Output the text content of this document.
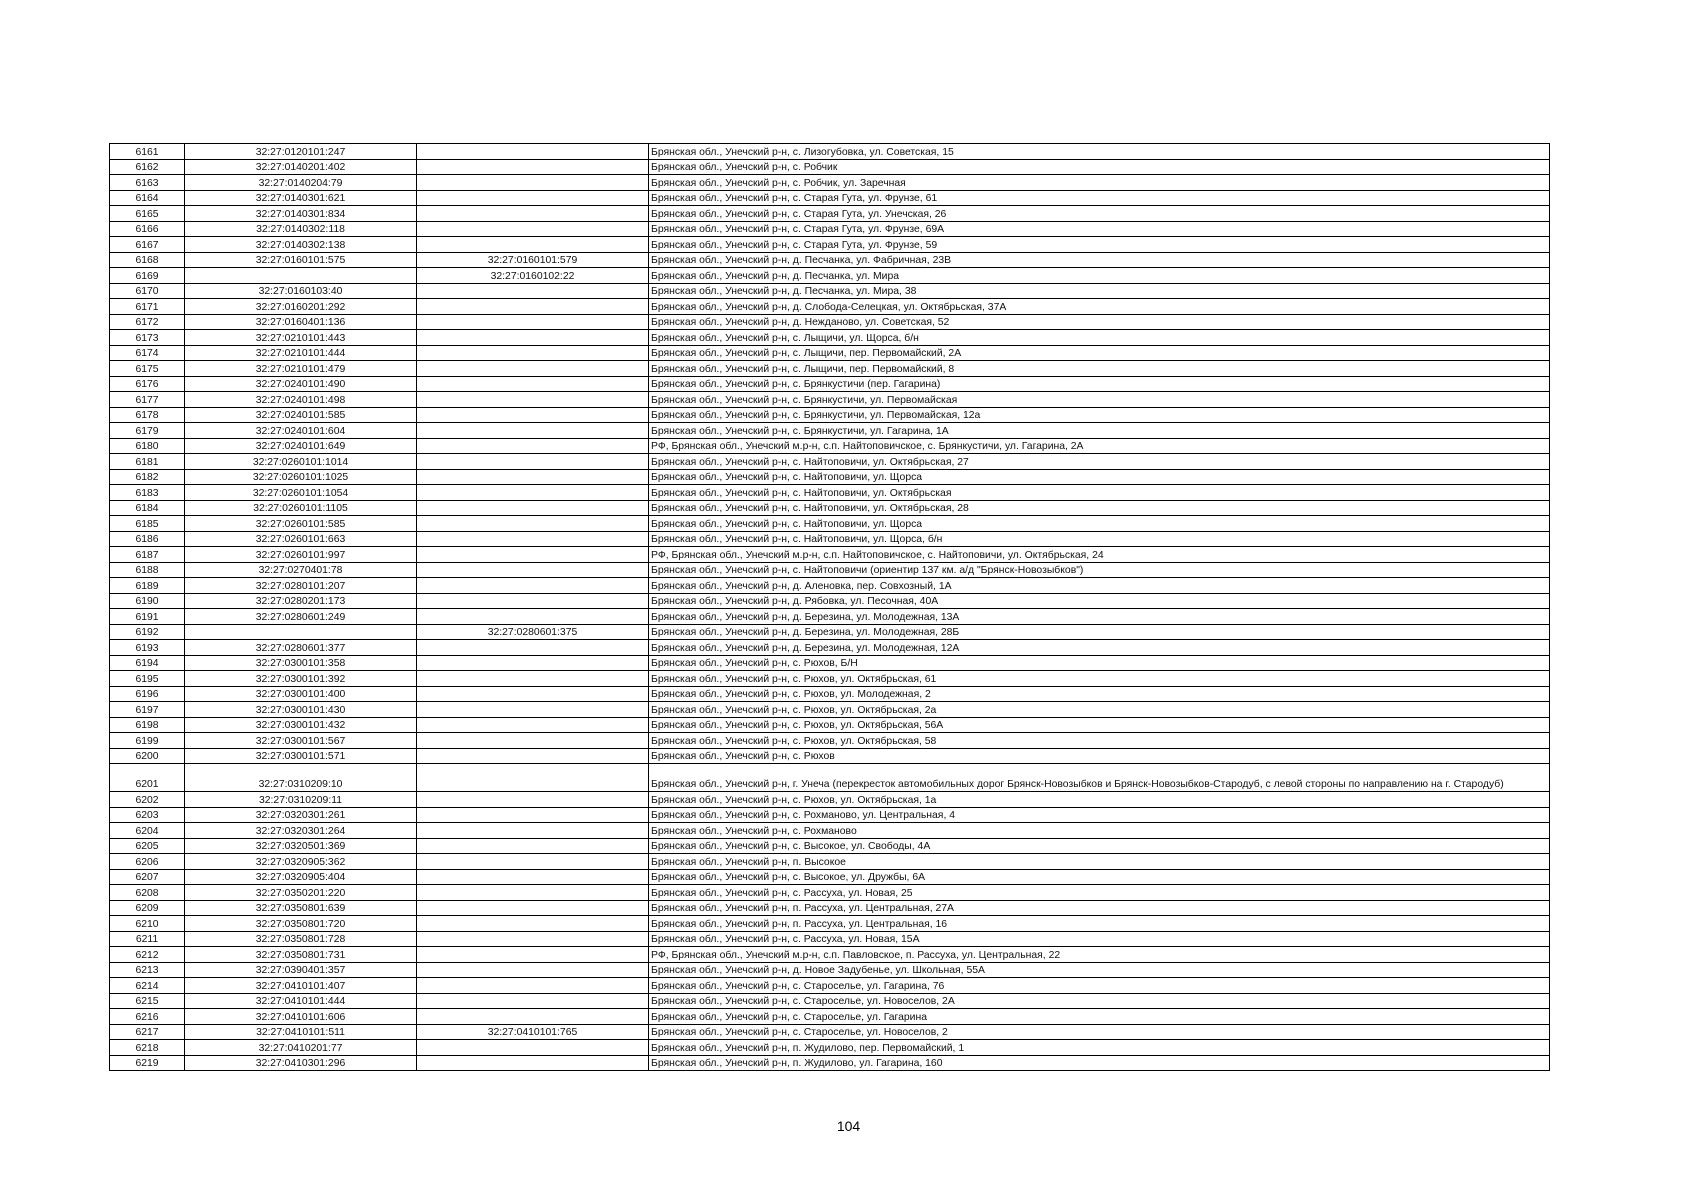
6161	32:27:0120101:247		Брянская обл., Унечский р-н, с. Лизогубовка, ул. Советская, 15
6162	32:27:0140201:402		Брянская обл., Унечский р-н, с. Робчик
6163	32:27:0140204:79		Брянская обл., Унечский р-н, с. Робчик, ул. Заречная
6164	32:27:0140301:621		Брянская обл., Унечский р-н, с. Старая Гута, ул. Фрунзе, 61
6165	32:27:0140301:834		Брянская обл., Унечский р-н, с. Старая Гута, ул. Унечская, 26
6166	32:27:0140302:118		Брянская обл., Унечский р-н, с. Старая Гута, ул. Фрунзе, 69А
6167	32:27:0140302:138		Брянская обл., Унечский р-н, с. Старая Гута, ул. Фрунзе, 59
6168	32:27:0160101:575	32:27:0160101:579	Брянская обл., Унечский р-н, д. Песчанка, ул. Фабричная, 23В
6169		32:27:0160102:22	Брянская обл., Унечский р-н, д. Песчанка, ул. Мира
6170	32:27:0160103:40		Брянская обл., Унечский р-н, д. Песчанка, ул. Мира, 38
6171	32:27:0160201:292		Брянская обл., Унечский р-н, д. Слобода-Селецкая, ул. Октябрьская, 37А
6172	32:27:0160401:136		Брянская обл., Унечский р-н, д. Нежданово, ул. Советская, 52
6173	32:27:0210101:443		Брянская обл., Унечский р-н, с. Лыщичи, ул. Щорса, б/н
6174	32:27:0210101:444		Брянская обл., Унечский р-н, с. Лыщичи, пер. Первомайский, 2А
6175	32:27:0210101:479		Брянская обл., Унечский р-н, с. Лыщичи, пер. Первомайский, 8
6176	32:27:0240101:490		Брянская обл., Унечский р-н, с. Брянкустичи (пер. Гагарина)
6177	32:27:0240101:498		Брянская обл., Унечский р-н, с. Брянкустичи, ул. Первомайская
6178	32:27:0240101:585		Брянская обл., Унечский р-н, с. Брянкустичи, ул. Первомайская, 12а
6179	32:27:0240101:604		Брянская обл., Унечский р-н, с. Брянкустичи, ул. Гагарина, 1А
6180	32:27:0240101:649		РФ, Брянская обл., Унечский м.р-н, с.п. Найтоповичское, с. Брянкустичи, ул. Гагарина, 2А
6181	32:27:0260101:1014		Брянская обл., Унечский р-н, с. Найтоповичи, ул. Октябрьская, 27
6182	32:27:0260101:1025		Брянская обл., Унечский р-н, с. Найтоповичи, ул. Щорса
6183	32:27:0260101:1054		Брянская обл., Унечский р-н, с. Найтоповичи, ул. Октябрьская
6184	32:27:0260101:1105		Брянская обл., Унечский р-н, с. Найтоповичи, ул. Октябрьская, 28
6185	32:27:0260101:585		Брянская обл., Унечский р-н, с. Найтоповичи, ул. Щорса
6186	32:27:0260101:663		Брянская обл., Унечский р-н, с. Найтоповичи, ул. Щорса, б/н
6187	32:27:0260101:997		РФ, Брянская обл., Унечский м.р-н, с.п. Найтоповичское, с. Найтоповичи, ул. Октябрьская, 24
6188	32:27:0270401:78		Брянская обл., Унечский р-н, с. Найтоповичи (ориентир 137 км. а/д "Брянск-Новозыбков")
6189	32:27:0280101:207		Брянская обл., Унечский р-н, д. Аленовка, пер. Совхозный, 1А
6190	32:27:0280201:173		Брянская обл., Унечский р-н, д. Рябовка, ул. Песочная, 40А
6191	32:27:0280601:249		Брянская обл., Унечский р-н, д. Березина, ул. Молодежная, 13А
6192		32:27:0280601:375	Брянская обл., Унечский р-н, д. Березина, ул. Молодежная, 28Б
6193	32:27:0280601:377		Брянская обл., Унечский р-н, д. Березина, ул. Молодежная, 12А
6194	32:27:0300101:358		Брянская обл., Унечский р-н, с. Рюхов, Б/Н
6195	32:27:0300101:392		Брянская обл., Унечский р-н, с. Рюхов, ул. Октябрьская, 61
6196	32:27:0300101:400		Брянская обл., Унечский р-н, с. Рюхов, ул. Молодежная, 2
6197	32:27:0300101:430		Брянская обл., Унечский р-н, с. Рюхов, ул. Октябрьская, 2а
6198	32:27:0300101:432		Брянская обл., Унечский р-н, с. Рюхов, ул. Октябрьская, 56А
6199	32:27:0300101:567		Брянская обл., Унечский р-н, с. Рюхов, ул. Октябрьская, 58
6200	32:27:0300101:571		Брянская обл., Унечский р-н, с. Рюхов
6201	32:27:0310209:10		Брянская обл., Унечский р-н, г. Унеча (перекресток автомобильных дорог Брянск-Новозыбков и Брянск-Новозыбков-Стародуб, с левой стороны по направлению на г. Стародуб)
6202	32:27:0310209:11		Брянская обл., Унечский р-н, с. Рюхов, ул. Октябрьская, 1а
6203	32:27:0320301:261		Брянская обл., Унечский р-н, с. Рохманово, ул. Центральная, 4
6204	32:27:0320301:264		Брянская обл., Унечский р-н, с. Рохманово
6205	32:27:0320501:369		Брянская обл., Унечский р-н, с. Высокое, ул. Свободы, 4А
6206	32:27:0320905:362		Брянская обл., Унечский р-н, п. Высокое
6207	32:27:0320905:404		Брянская обл., Унечский р-н, с. Высокое, ул. Дружбы, 6А
6208	32:27:0350201:220		Брянская обл., Унечский р-н, с. Рассуха, ул. Новая, 25
6209	32:27:0350801:639		Брянская обл., Унечский р-н, п. Рассуха, ул. Центральная, 27А
6210	32:27:0350801:720		Брянская обл., Унечский р-н, п. Рассуха, ул. Центральная, 16
6211	32:27:0350801:728		Брянская обл., Унечский р-н, с. Рассуха, ул. Новая, 15А
6212	32:27:0350801:731		РФ, Брянская обл., Унечский м.р-н, с.п. Павловское, п. Рассуха, ул. Центральная, 22
6213	32:27:0390401:357		Брянская обл., Унечский р-н, д. Новое Задубенье, ул. Школьная, 55А
6214	32:27:0410101:407		Брянская обл., Унечский р-н, с. Староселье, ул. Гагарина, 76
6215	32:27:0410101:444		Брянская обл., Унечский р-н, с. Староселье, ул. Новоселов, 2А
6216	32:27:0410101:606		Брянская обл., Унечский р-н, с. Староселье, ул. Гагарина
6217	32:27:0410101:511	32:27:0410101:765	Брянская обл., Унечский р-н, с. Староселье, ул. Новоселов, 2
6218	32:27:0410201:77		Брянская обл., Унечский р-н, п. Жудилово, пер. Первомайский, 1
6219	32:27:0410301:296		Брянская обл., Унечский р-н, п. Жудилово, ул. Гагарина, 160
104
